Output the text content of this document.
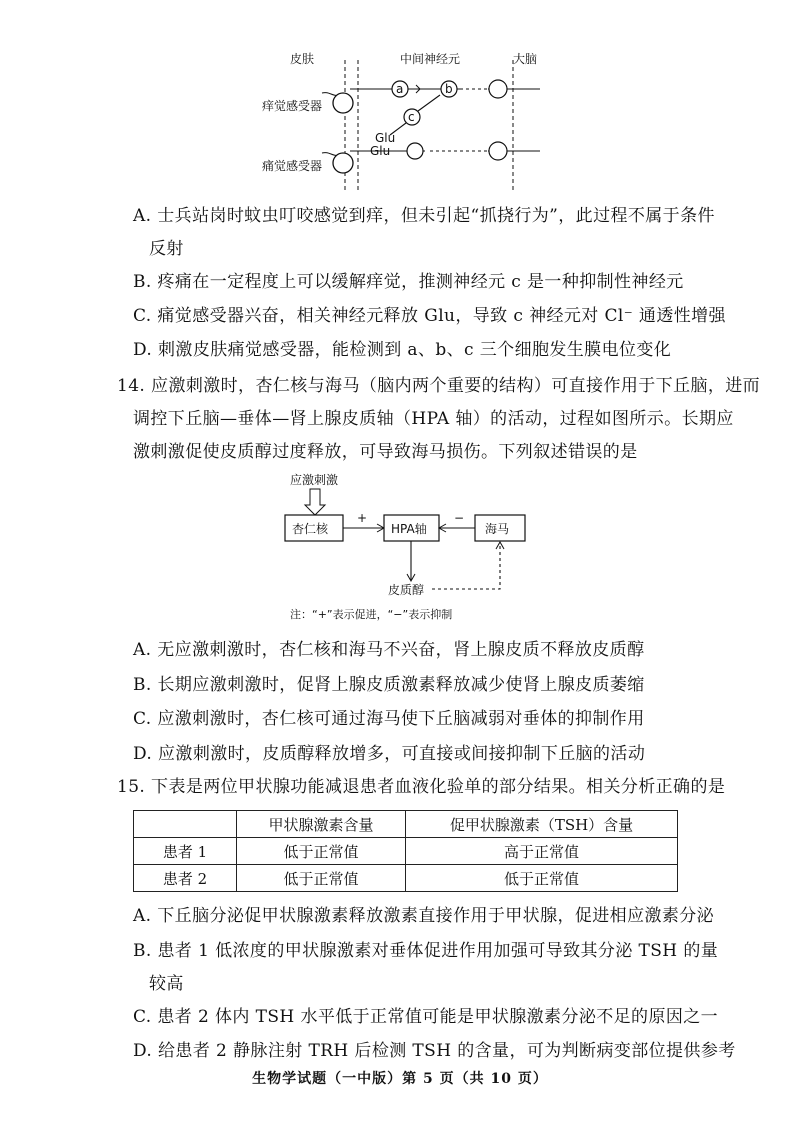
皮肤	中间神经元	大脑
痒觉感受器
a	b
c
Glu
痛觉感受器
Glu
A. 士兵站岗时蚊虫叮咬感觉到痒，但未引起“抓挠行为”，此过程不属于条件
反射
B. 疼痛在一定程度上可以缓解痒觉，推测神经元 c 是一种抑制性神经元
C. 痛觉感受器兴奋，相关神经元释放 Glu，导致 c 神经元对 Cl⁻ 通透性增强
D. 刺激皮肤痛觉感受器，能检测到 a、b、c 三个细胞发生膜电位变化
14. 应激刺激时，杏仁核与海马（脑内两个重要的结构）可直接作用于下丘脑，进而
调控下丘脑—垂体—肾上腺皮质轴（HPA 轴）的活动，过程如图所示。长期应
激刺激促使皮质醇过度释放，可导致海马损伤。下列叙述错误的是
应激刺激
杏仁核
+
HPA轴
−
海马
皮质醇
注：“+”表示促进，“−”表示抑制
A. 无应激刺激时，杏仁核和海马不兴奋，肾上腺皮质不释放皮质醇
B. 长期应激刺激时，促肾上腺皮质激素释放减少使肾上腺皮质萎缩
C. 应激刺激时，杏仁核可通过海马使下丘脑减弱对垂体的抑制作用
D. 应激刺激时，皮质醇释放增多，可直接或间接抑制下丘脑的活动
15. 下表是两位甲状腺功能减退患者血液化验单的部分结果。相关分析正确的是
	甲状腺激素含量	促甲状腺激素（TSH）含量
患者 1	低于正常值	高于正常值
患者 2	低于正常值	低于正常值
A. 下丘脑分泌促甲状腺激素释放激素直接作用于甲状腺，促进相应激素分泌
B. 患者 1 低浓度的甲状腺激素对垂体促进作用加强可导致其分泌 TSH 的量
较高
C. 患者 2 体内 TSH 水平低于正常值可能是甲状腺激素分泌不足的原因之一
D. 给患者 2 静脉注射 TRH 后检测 TSH 的含量，可为判断病变部位提供参考
生物学试题（一中版）第 5 页（共 10 页）
